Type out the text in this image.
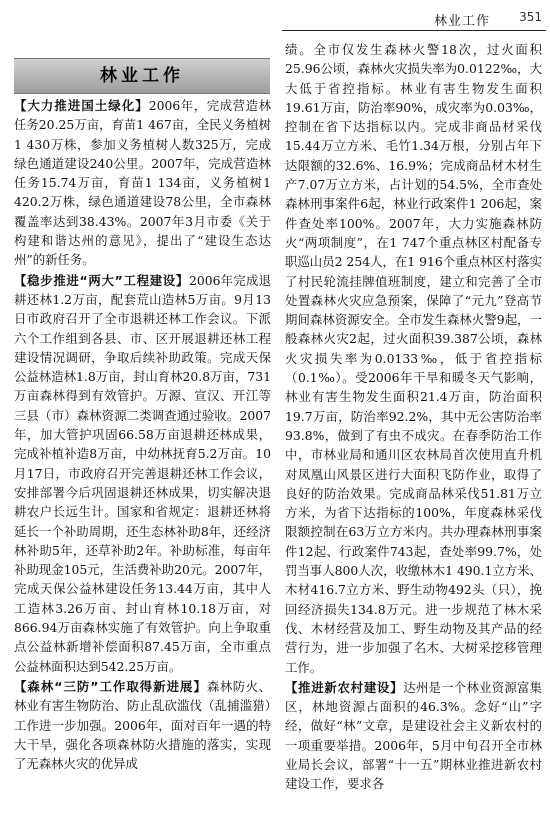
林业工作 351
林业工作

【大力推进国土绿化】2006年，完成营造林任务20.25万亩，育苗1 467亩，全民义务植树1 430万株，参加义务植树人数325万，完成绿色通道建设240公里。2007年，完成营造林任务15.74万亩，育苗1 134亩，义务植树1 420.2万株，绿色通道建设78公里，全市森林覆盖率达到38.43%。2007年3月市委《关于构建和谐达州的意见》，提出了“建设生态达州”的新任务。

【稳步推进“两大”工程建设】2006年完成退耕还林1.2万亩，配套荒山造林5万亩。9月13日市政府召开了全市退耕还林工作会议。下派六个工作组到各县、市、区开展退耕还林工程建设情况调研，争取后续补助政策。完成天保公益林造林1.8万亩，封山育林20.8万亩，731万亩森林得到有效管护。万源、宣汉、开江等三县（市）森林资源二类调查通过验收。2007年，加大管护巩固66.58万亩退耕还林成果，完成补植补造8万亩，中幼林抚育5.2万亩。10月17日，市政府召开完善退耕还林工作会议，安排部署今后巩固退耕还林成果，切实解决退耕农户长远生计。国家和省规定：退耕还林将延长一个补助周期，还生态林补助8年，还经济林补助5年，还草补助2年。补助标准，每亩年补助现金105元，生活费补助20元。2007年，完成天保公益林建设任务13.44万亩，其中人工造林3.26万亩、封山育林10.18万亩，对866.94万亩森林实施了有效管护。向上争取重点公益林新增补偿面积87.45万亩，全市重点公益林面积达到542.25万亩。

【森林“三防”工作取得新进展】森林防火、林业有害生物防治、防止乱砍滥伐（乱捕滥猎）工作进一步加强。2006年，面对百年一遇的特大干旱，强化各项森林防火措施的落实，实现了无森林火灾的优异成

绩。全市仅发生森林火警18次，过火面积25.96公顷，森林火灾损失率为0.0122‰，大大低于省控指标。林业有害生物发生面积19.61万亩，防治率90%，成灾率为0.03‰，控制在省下达指标以内。完成非商品材采伐15.44万立方米、毛竹1.34万根，分别占年下达限额的32.6%、16.9%；完成商品材木材生产7.07万立方米，占计划的54.5%，全市查处森林刑事案件6起，林业行政案件1 206起，案件查处率100%。2007年，大力实施森林防火“两项制度”，在1 747个重点林区村配备专职巡山员2 254人，在1 916个重点林区村落实了村民轮流挂牌值班制度，建立和完善了全市处置森林火灾应急预案，保障了“元九”登高节期间森林资源安全。全市发生森林火警9起，一般森林火灾2起，过火面积39.387公顷，森林火灾损失率为0.0133‰，低于省控指标（0.1‰）。受2006年干旱和暖冬天气影响，林业有害生物发生面积21.4万亩，防治面积19.7万亩，防治率92.2%，其中无公害防治率93.8%，做到了有虫不成灾。在春季防治工作中，市林业局和通川区农林局首次使用直升机对凤凰山风景区进行大面积飞防作业，取得了良好的防治效果。完成商品林采伐51.81万立方米，为省下达指标的100%，年度森林采伐限额控制在63万立方米内。共办理森林刑事案件12起、行政案件743起，查处率99.7%，处罚当事人800人次，收缴林木1 490.1立方米、木材416.7立方米、野生动物492头（只），挽回经济损失134.8万元。进一步规范了林木采伐、木材经营及加工、野生动物及其产品的经营行为，进一步加强了名木、大树采挖移管理工作。

【推进新农村建设】达州是一个林业资源富集区，林地资源占面积的46.3%。念好“山”字经，做好“林”文章，是建设社会主义新农村的一项重要举措。2006年，5月中旬召开全市林业局长会议，部署“十一五”期林业推进新农村建设工作，要求各
